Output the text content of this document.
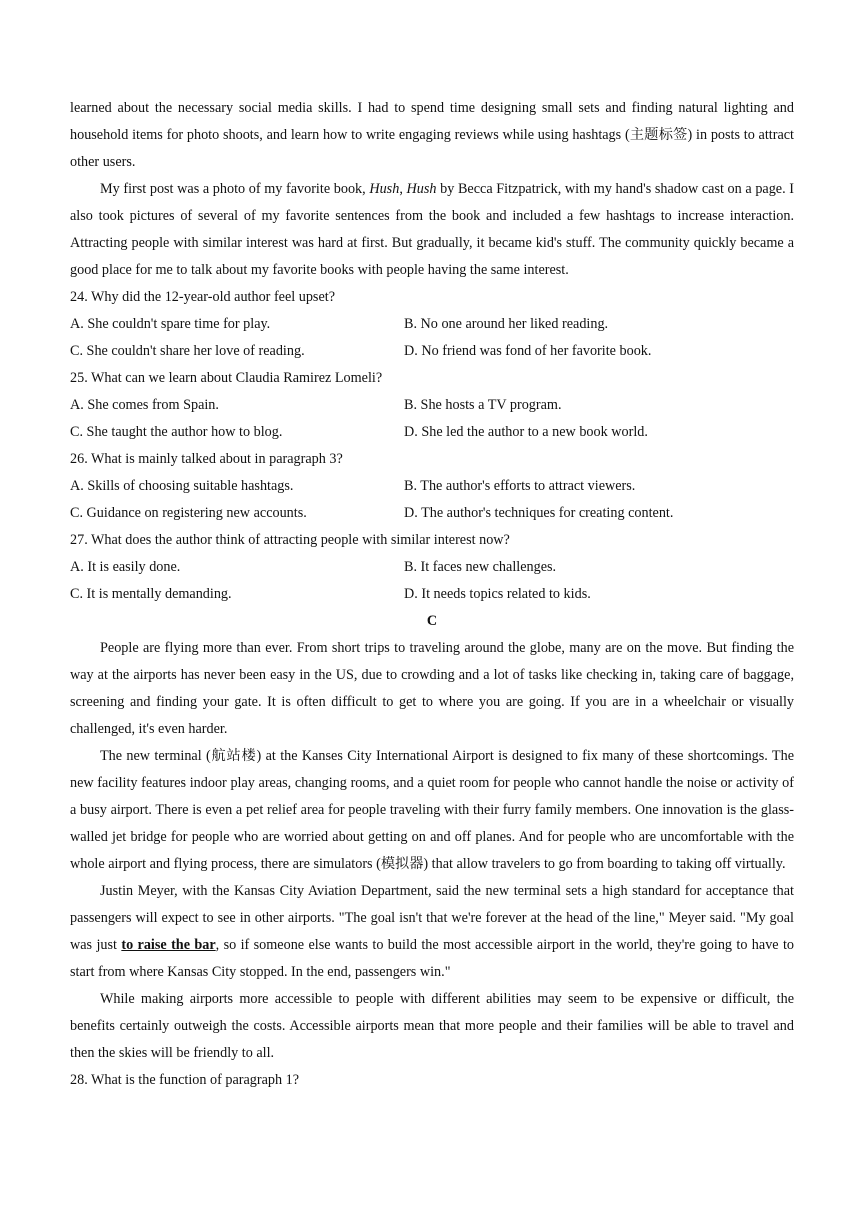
learned about the necessary social media skills. I had to spend time designing small sets and finding natural lighting and household items for photo shoots, and learn how to write engaging reviews while using hashtags (主题标签) in posts to attract other users.

My first post was a photo of my favorite book, Hush, Hush by Becca Fitzpatrick, with my hand's shadow cast on a page. I also took pictures of several of my favorite sentences from the book and included a few hashtags to increase interaction. Attracting people with similar interest was hard at first. But gradually, it became kid's stuff. The community quickly became a good place for me to talk about my favorite books with people having the same interest.

24. Why did the 12-year-old author feel upset?

A. She couldn't spare time for play.	B. No one around her liked reading.
C. She couldn't share her love of reading.	D. No friend was fond of her favorite book.

25. What can we learn about Claudia Ramirez Lomeli?

A. She comes from Spain.	B. She hosts a TV program.
C. She taught the author how to blog.	D. She led the author to a new book world.

26. What is mainly talked about in paragraph 3?

A. Skills of choosing suitable hashtags.	B. The author's efforts to attract viewers.
C. Guidance on registering new accounts.	D. The author's techniques for creating content.

27. What does the author think of attracting people with similar interest now?

A. It is easily done.	B. It faces new challenges.
C. It is mentally demanding.	D. It needs topics related to kids.

C

People are flying more than ever. From short trips to traveling around the globe, many are on the move. But finding the way at the airports has never been easy in the US, due to crowding and a lot of tasks like checking in, taking care of baggage, screening and finding your gate. It is often difficult to get to where you are going. If you are in a wheelchair or visually challenged, it's even harder.

The new terminal (航站楼) at the Kanses City International Airport is designed to fix many of these shortcomings. The new facility features indoor play areas, changing rooms, and a quiet room for people who cannot handle the noise or activity of a busy airport. There is even a pet relief area for people traveling with their furry family members. One innovation is the glass-walled jet bridge for people who are worried about getting on and off planes. And for people who are uncomfortable with the whole airport and flying process, there are simulators (模拟器) that allow travelers to go from boarding to taking off virtually.

Justin Meyer, with the Kansas City Aviation Department, said the new terminal sets a high standard for acceptance that passengers will expect to see in other airports. "The goal isn't that we're forever at the head of the line," Meyer said. "My goal was just to raise the bar, so if someone else wants to build the most accessible airport in the world, they're going to have to start from where Kansas City stopped. In the end, passengers win."

While making airports more accessible to people with different abilities may seem to be expensive or difficult, the benefits certainly outweigh the costs. Accessible airports mean that more people and their families will be able to travel and then the skies will be friendly to all.

28. What is the function of paragraph 1?
